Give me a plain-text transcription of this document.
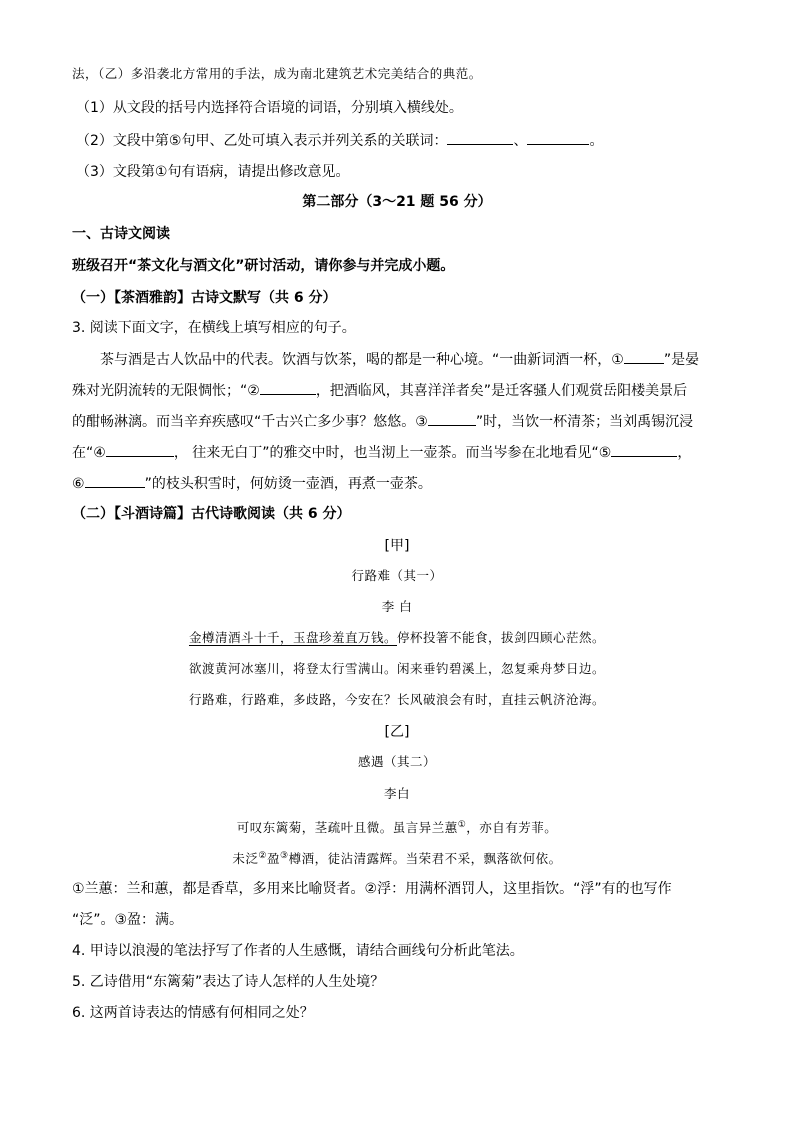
法，（乙）多沿袭北方常用的手法，成为南北建筑艺术完美结合的典范。
（1）从文段的括号内选择符合语境的词语，分别填入横线处。
（2）文段中第⑤句甲、乙处可填入表示并列关系的关联词：	、	。
（3）文段第①句有语病，请提出修改意见。
第二部分（3～21 题 56 分）
一、古诗文阅读
班级召开“茶文化与酒文化”研讨活动，请你参与并完成小题。
（一）【茶酒雅韵】古诗文默写（共 6 分）
3. 阅读下面文字，在横线上填写相应的句子。
茶与酒是古人饮品中的代表。饮酒与饮茶，喝的都是一种心境。“一曲新词酒一杯，①	”是晏
殊对光阴流转的无限惆怅；“②	，把酒临风，其喜洋洋者矣”是迁客骚人们观赏岳阳楼美景后
的酣畅淋漓。而当辛弃疾感叹“千古兴亡多少事？悠悠。③	”时，当饮一杯清茶；当刘禹锡沉浸
在“④	， 往来无白丁”的雅交中时，也当沏上一壶茶。而当岑参在北地看见“⑤	，
⑥	”的枝头积雪时，何妨烫一壶酒，再煮一壶茶。
（二）【斗酒诗篇】古代诗歌阅读（共 6 分）
[甲]
行路难（其一）
李 白
金樽清酒斗十千，玉盘珍羞直万钱。停杯投箸不能食，拔剑四顾心茫然。
欲渡黄河冰塞川，将登太行雪满山。闲来垂钓碧溪上，忽复乘舟梦日边。
行路难，行路难，多歧路，今安在？长风破浪会有时，直挂云帆济沧海。
[乙]
感遇（其二）
李白
可叹东篱菊，茎疏叶且微。虽言异兰蕙①，亦自有芳菲。
未泛②盈③樽酒，徒沾清露辉。当荣君不采，飘落欲何依。
①兰蕙：兰和蕙，都是香草，多用来比喻贤者。②浮：用满杯酒罚人，这里指饮。“浮”有的也写作
“泛”。③盈：满。
4. 甲诗以浪漫的笔法抒写了作者的人生感慨，请结合画线句分析此笔法。
5. 乙诗借用“东篱菊”表达了诗人怎样的人生处境？
6. 这两首诗表达的情感有何相同之处？
